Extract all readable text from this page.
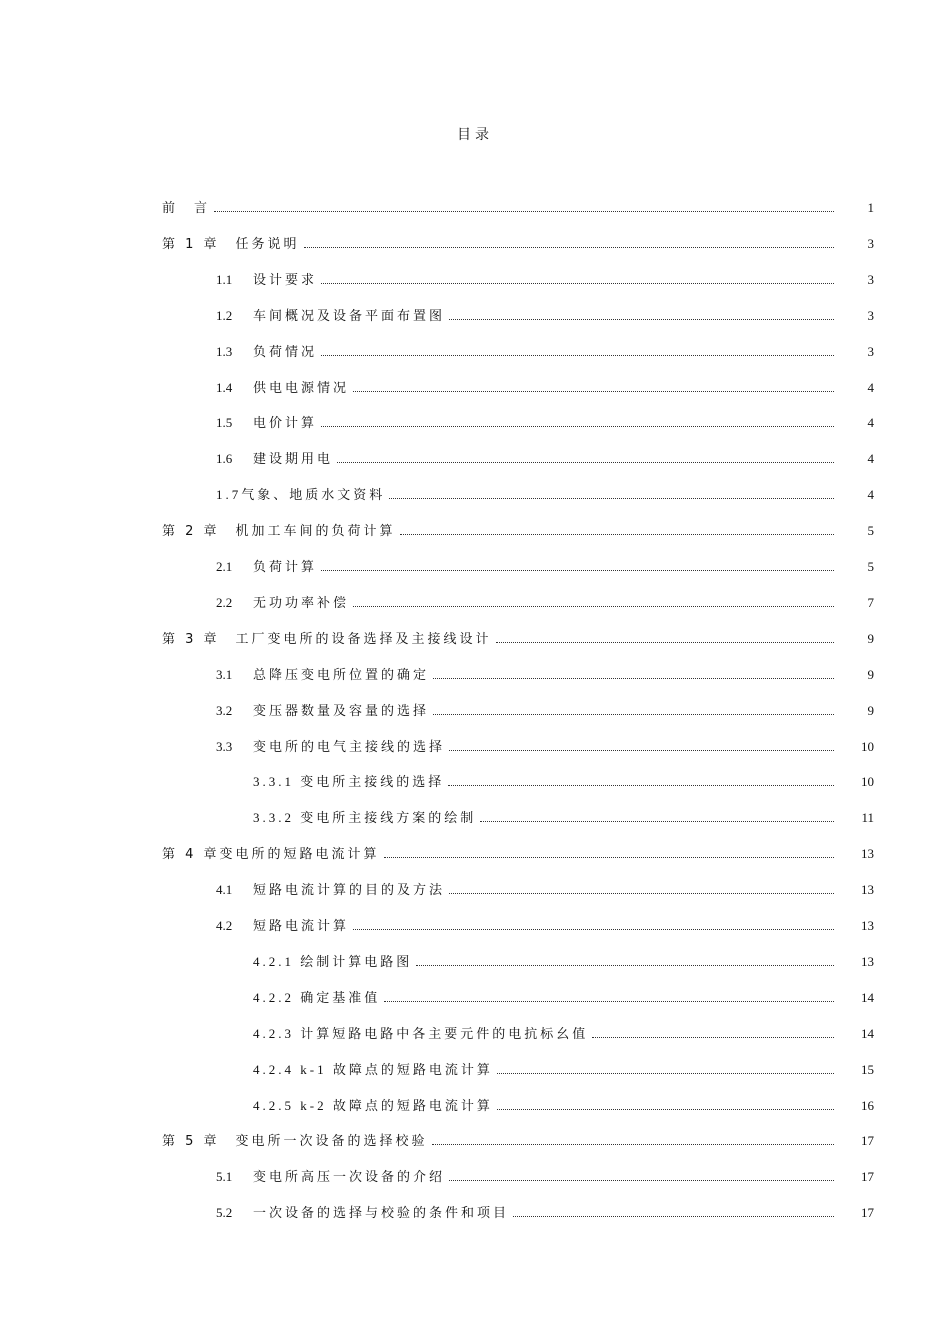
目录
前　言	1
第 1 章　任务说明	3
1.1 设计要求	3
1.2 车间概况及设备平面布置图	3
1.3 负荷情况	3
1.4 供电电源情况	4
1.5 电价计算	4
1.6 建设期用电	4
1.7气象、地质水文资料	4
第 2 章　机加工车间的负荷计算	5
2.1 负荷计算	5
2.2 无功功率补偿	7
第 3 章　工厂变电所的设备选择及主接线设计	9
3.1 总降压变电所位置的确定	9
3.2 变压器数量及容量的选择	9
3.3 变电所的电气主接线的选择	10
3.3.1 变电所主接线的选择	10
3.3.2 变电所主接线方案的绘制	11
第 4 章变电所的短路电流计算	13
4.1 短路电流计算的目的及方法	13
4.2 短路电流计算	13
4.2.1 绘制计算电路图	13
4.2.2 确定基准值	14
4.2.3 计算短路电路中各主要元件的电抗标幺值	14
4.2.4 k-1 故障点的短路电流计算	15
4.2.5 k-2 故障点的短路电流计算	16
第 5 章　变电所一次设备的选择校验	17
5.1 变电所高压一次设备的介绍	17
5.2 一次设备的选择与校验的条件和项目	17
